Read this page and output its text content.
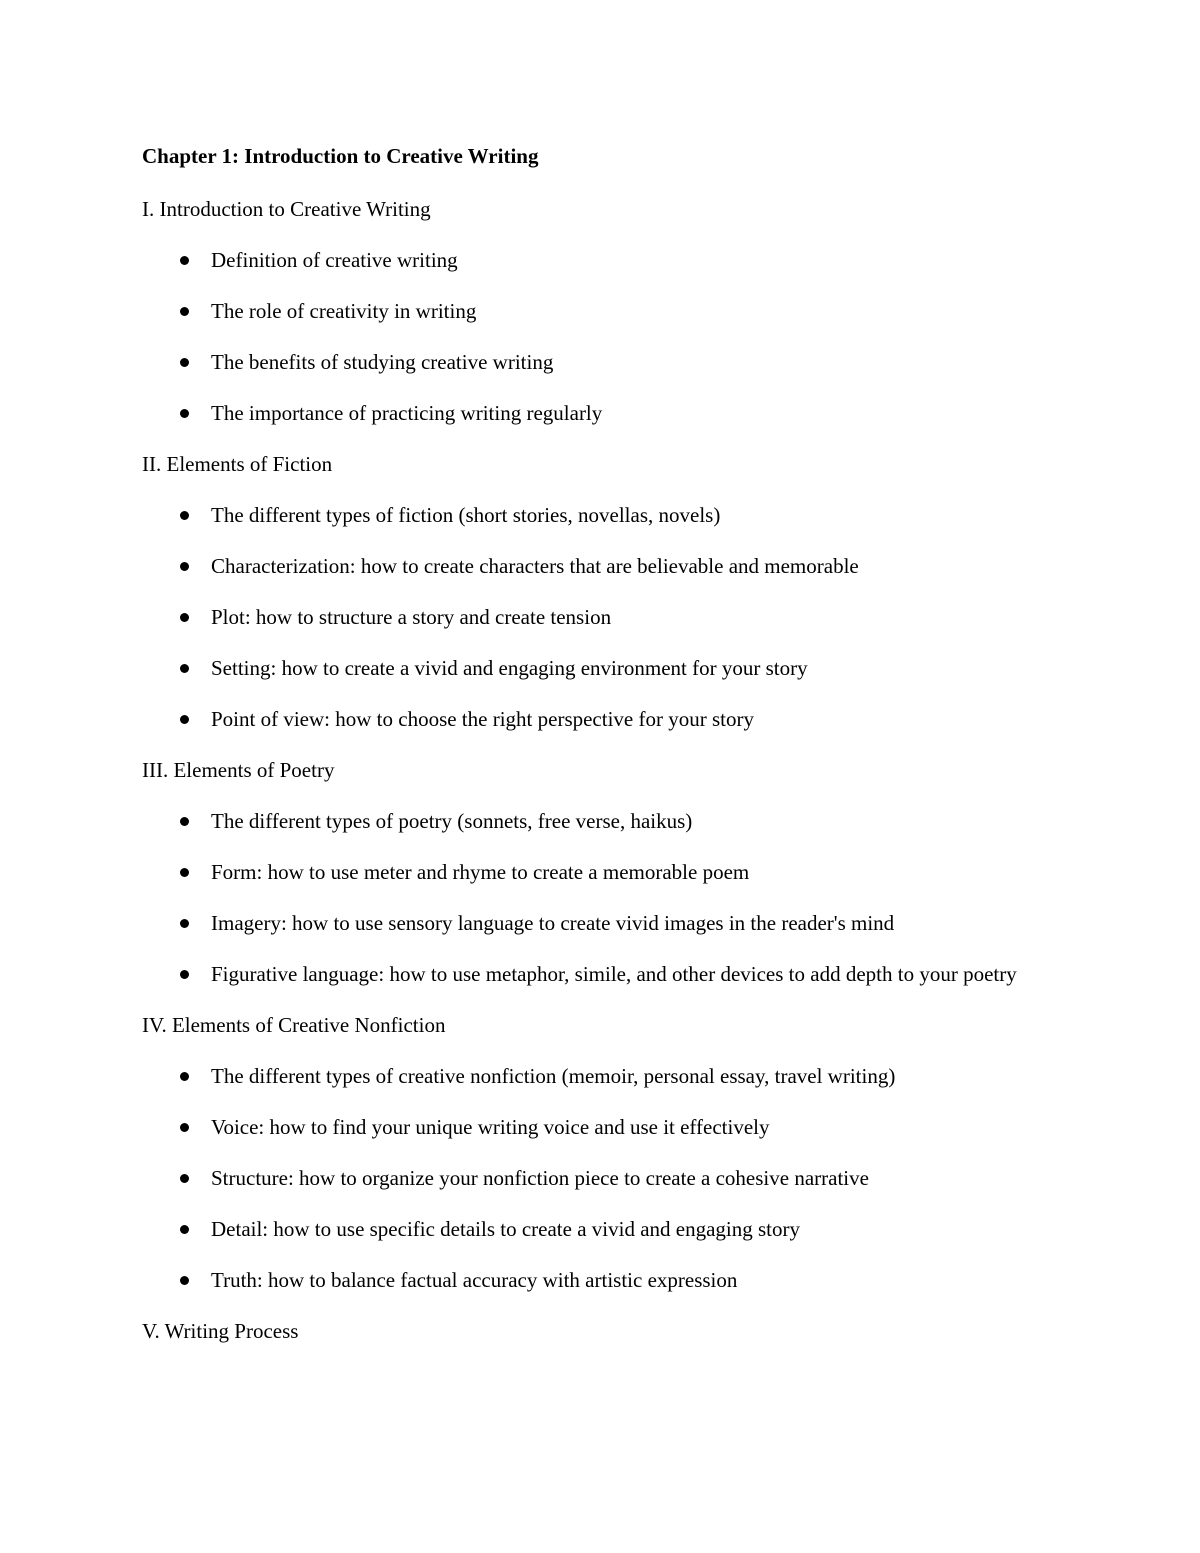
Chapter 1: Introduction to Creative Writing
I. Introduction to Creative Writing
Definition of creative writing
The role of creativity in writing
The benefits of studying creative writing
The importance of practicing writing regularly
II. Elements of Fiction
The different types of fiction (short stories, novellas, novels)
Characterization: how to create characters that are believable and memorable
Plot: how to structure a story and create tension
Setting: how to create a vivid and engaging environment for your story
Point of view: how to choose the right perspective for your story
III. Elements of Poetry
The different types of poetry (sonnets, free verse, haikus)
Form: how to use meter and rhyme to create a memorable poem
Imagery: how to use sensory language to create vivid images in the reader's mind
Figurative language: how to use metaphor, simile, and other devices to add depth to your poetry
IV. Elements of Creative Nonfiction
The different types of creative nonfiction (memoir, personal essay, travel writing)
Voice: how to find your unique writing voice and use it effectively
Structure: how to organize your nonfiction piece to create a cohesive narrative
Detail: how to use specific details to create a vivid and engaging story
Truth: how to balance factual accuracy with artistic expression
V. Writing Process
